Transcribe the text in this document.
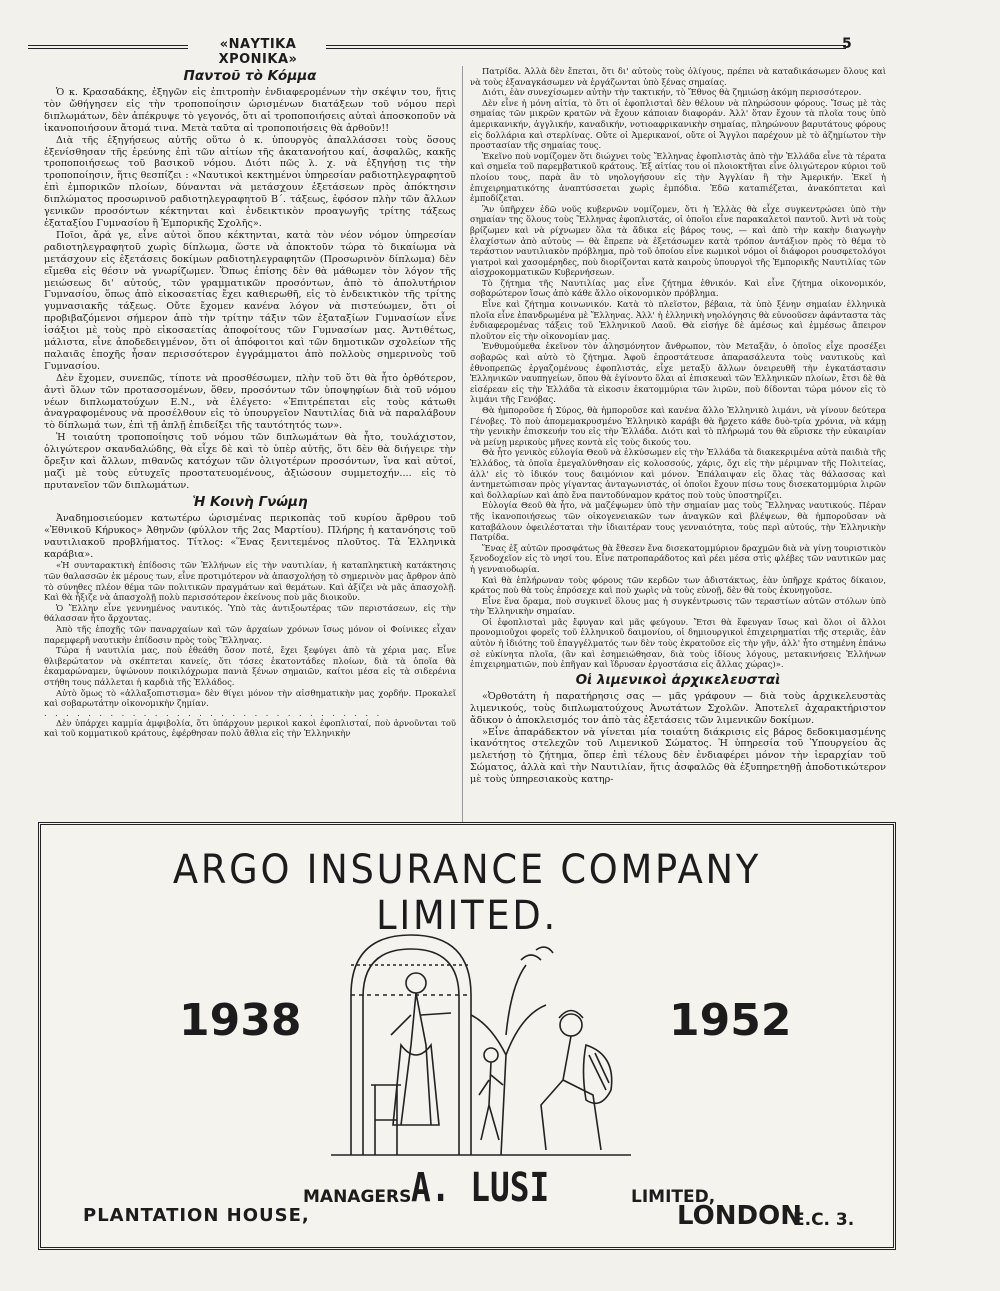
«ΝΑΥΤΙΚΑ ΧΡΟΝΙΚΑ»
5
Παντοῦ τὸ Κόμμα

Ὁ κ. Κρασαδάκης, ἐξηγῶν εἰς ἐπιτροπὴν ἐνδιαφερομένων τὴν σκέψιν του, ἥτις τὸν ὤθήγησεν εἰς τὴν τροποποίησιν ὡρισμένων διατάξεων τοῦ νόμου περὶ διπλωμάτων, δὲν ἀπέκρυψε τὸ γεγονός, ὅτι αἱ τροποποιήσεις αὐταὶ ἀποσκοποῦν νὰ ἱκανοποιήσουν ἄτομά τινα. Μετὰ ταῦτα αἱ τροποποιήσεις θὰ ἀρθοῦν!!

Διὰ τῆς ἐξηγήσεως αὐτῆς οὕτω ὁ κ. ὑπουργὸς ἀπαλλάσσει τοὺς ὅσους ἐξενίσθησαν τῆς ἐρεύνης ἐπὶ τῶν αἰτίων τῆς ἀκατανοήτου καί, ἀσφαλῶς, κακῆς τροποποιήσεως τοῦ βασικοῦ νόμου. Διότι πῶς λ. χ. νὰ ἐξηγήσῃ τις τὴν τροποποίησιν, ἥτις θεσπίζει : «Ναυτικοὶ κεκτημένοι ὑπηρεσίαν ραδιοτηλεγραφητοῦ ἐπὶ ἐμπορικῶν πλοίων, δύνανται νὰ μετάσχουν ἐξετάσεων πρὸς ἀπόκτησιν διπλώματος προσωρινοῦ ραδιοτηλεγραφητοῦ Β΄. τάξεως, ἐφόσον πλὴν τῶν ἄλλων γενικῶν προσόντων κέκτηνται καὶ ἐνδεικτικὸν προαγωγῆς τρίτης τάξεως ἑξαταξίου Γυμνασίου ἢ Ἐμπορικῆς Σχολῆς».

Ποῖοι, ἄρά γε, εἶνε αὐτοὶ ὅπου κέκτηνται, κατὰ τὸν νέον νόμον ὑπηρεσίαν ραδιοτηλεγραφητοῦ χωρὶς δίπλωμα, ὥστε νὰ ἀποκτοῦν τώρα τὸ δικαίωμα νὰ μετάσχουν εἰς ἐξετάσεις δοκίμων ραδιοτηλεγραφητῶν (Προσωρινὸν δίπλωμα) δὲν εἴμεθα εἰς θέσιν νὰ γνωρίζωμεν. Ὅπως ἐπίσης δὲν θὰ μάθωμεν τὸν λόγον τῆς μειώσεως δι' αὐτούς, τῶν γραμματικῶν προσόντων, ἀπὸ τὸ ἀπολυτήριον Γυμνασίου, ὅπως ἀπὸ εἰκοσαετίας ἔχει καθιερωθῆ, εἰς τὸ ἐνδεικτικὸν τῆς τρίτης γυμνασιακῆς τάξεως. Οὔτε ἔχομεν κανένα λόγον νὰ πιστεύωμεν, ὅτι οἱ προβιβαζόμενοι σήμερον ἀπὸ τὴν τρίτην τάξιν τῶν ἑξαταξίων Γυμνασίων εἶνε ἱσάξιοι μὲ τοὺς πρὸ εἰκοσαετίας ἀποφοίτους τῶν Γυμνασίων μας. Ἀντιθέτως, μάλιστα, εἶνε ἀποδεδειγμένον, ὅτι οἱ ἀπόφοιτοι καὶ τῶν δημοτικῶν σχολείων τῆς παλαιᾶς ἐποχῆς ἦσαν περισσότερον ἐγγράμματοι ἀπὸ πολλοὺς σημερινοὺς τοῦ Γυμνασίου.

Δὲν ἔχομεν, συνεπῶς, τίποτε νὰ προσθέσωμεν, πλὴν τοῦ ὅτι θὰ ἦτο ὀρθότερον, ἀντὶ ὅλων τῶν προτασσομένων, ὅθεν, προσόντων τῶν ὑποψηφίων διὰ τοῦ νόμου νέων διπλωματούχων Ε.Ν., νὰ ἐλέγετο: «Ἐπιτρέπεται εἰς τοὺς κάτωθι ἀναγραφομένους νὰ προσέλθουν εἰς τὸ ὑπουργεῖον Ναυτιλίας διὰ νὰ παραλάβουν τὸ δίπλωμά των, ἐπὶ τῇ ἁπλῇ ἐπιδείξει τῆς ταυτότητός των».

Ἡ τοιαύτη τροποποίησις τοῦ νόμου τῶν διπλωμάτων θὰ ἦτο, τουλάχιστον, ὀλιγώτερον σκανδαλώδης, θὰ εἶχε δὲ καὶ τὸ ὑπὲρ αὐτῆς, ὅτι δὲν θὰ διήγειρε τὴν ὄρεξιν καὶ ἄλλων, πιθανῶς κατόχων τῶν ὀλιγοτέρων προσόντων, ἵνα καὶ αὐτοί, μαζὶ μὲ τοὺς εὐτυχεῖς προστατευομένους, ἀξιώσουν συμμετοχήν.... εἰς τὸ πρυτανεῖον τῶν διπλωμάτων.

Ἡ Κοινὴ Γνώμη

Ἀναδημοσιεύομεν κατωτέρω ὡρισμένας περικοπὰς τοῦ κυρίου ἄρθρου τοῦ «Ἐθνικοῦ Κήρυκος» Ἀθηνῶν (φύλλον τῆς 2ας Μαρτίου). Πλήρης ἡ κατανόησις τοῦ ναυτιλιακοῦ προβλήματος. Τίτλος: «Ἕνας ξενιτεμένος πλοῦτος. Τὰ Ἑλληνικὰ καράβια».

«Ἡ συνταρακτικὴ ἐπίδοσις τῶν Ἑλλήνων εἰς τὴν ναυτιλίαν, ἡ καταπληκτικὴ κατάκτησις τῶν θαλασσῶν ἐκ μέρους των, εἶνε προτιμότερον νὰ ἀπασχολήσῃ τὸ σημερινὸν μας ἄρθρον ἀπὸ τὸ σύνηθες πλέον θέμα τῶν πολιτικῶν πραγμάτων καὶ θεμάτων. Καὶ ἀξίζει νὰ μᾶς ἀπασχολῇ. Καὶ θὰ ἦξιζε νὰ ἀπασχολῇ πολὺ περισσότερον ἐκείνους ποὺ μᾶς διοικοῦν.

Ὁ Ἕλλην εἶνε γεννημένος ναυτικός. Ὑπὸ τὰς ἀντιξοωτέρας τῶν περιστάσεων, εἰς τὴν θάλασσαν ἦτο ἄρχοντας.

Ἀπὸ τῆς ἐποχῆς τῶν παναρχαίων καὶ τῶν ἀρχαίων χρόνων ἴσως μόνον οἱ Φοίνικες εἶχαν παρεμφερῆ ναυτικὴν ἐπίδοσιν πρὸς τοὺς Ἕλληνας.

Τώρα ἡ ναυτιλία μας, ποὺ ἐθεάθη ὅσον ποτέ, ἔχει ξεφύγει ἀπὸ τὰ χέρια μας. Εἶνε θλιβερώτατον νὰ σκέπτεται κανείς, ὅτι τόσες ἑκατοντάδες πλοίων, διὰ τὰ ὁποῖα θὰ ἐκαμαρώναμεν, ὑψώνουν ποικιλόχρωμα πανιὰ ξένων σημαιῶν, καίτοι μέσα εἰς τὰ σιδερένια στήθη τους πάλλεται ἡ καρδιὰ τῆς Ἑλλάδος.

Αὐτὸ ὅμως τὸ «ἀλλαξοπιστισμα» δὲν θίγει μόνον τὴν αἰσθηματικὴν μας χορδήν. Προκαλεῖ καὶ σοβαρωτάτην οἰκονομικὴν ζημίαν.

. . . . . . . . . . . . . . . . . . . . . . . . . . . . . . .

Δὲν ὑπάρχει καμμία ἀμφιβολία, ὅτι ὑπάρχουν μερικοὶ κακοὶ ἐφοπλισταί, ποὺ ἀρνοῦνται τοῦ καὶ τοῦ κομματικοῦ κράτους, ἐφέρθησαν πολὺ ἄθλια εἰς τὴν Ἑλληνικὴν

Πατρίδα. Ἀλλὰ δὲν ἔπεται, ὅτι δι' αὐτοὺς τοὺς ὀλίγους, πρέπει νὰ καταδικάσωμεν ὅλους καὶ νὰ τοὺς ἐξαναγκάσωμεν νὰ ἐργάζωνται ὑπὸ ξένας σημαίας.

Διότι, ἐὰν συνεχίσωμεν αὐτὴν τὴν τακτικήν, τὸ Ἔθνος θὰ ζημιώσῃ ἀκόμη περισσότερον.

Δὲν εἶνε ἡ μόνη αἰτία, τὸ ὅτι οἱ ἐφοπλισταὶ δὲν θέλουν νὰ πληρώσουν φόρους. Ἴσως μὲ τὰς σημαίας τῶν μικρῶν κρατῶν νὰ ἔχουν κάποιαν διαφοράν. Ἀλλ' ὅταν ἔχουν τὰ πλοῖα τους ὑπὸ ἀμερικανικήν, ἀγγλικήν, καναδικήν, νοτιοαφρικανικὴν σημαίας, πληρώνουν βαρυτάτους φόρους εἰς δολλάρια καὶ στερλίνας. Οὔτε οἱ Ἀμερικανοί, οὔτε οἱ Ἄγγλοι παρέχουν μὲ τὸ ἀζημίωτον τὴν προστασίαν τῆς σημαίας τους.

Ἐκεῖνο ποὺ νομίζομεν ὅτι διώχνει τοὺς Ἕλληνας ἐφοπλιστὰς ἀπὸ τὴν Ἑλλάδα εἶνε τὰ τέρατα καὶ σημεῖα τοῦ παρεμβατικοῦ κράτους. Ἐξ αἰτίας του οἱ πλοιοκτῆται εἶνε ὀλιγώτερον κύριοι τοῦ πλοίου τους, παρὰ ἂν τὸ νηολογήσουν εἰς τὴν Ἀγγλίαν ἢ τὴν Ἀμερικήν. Ἐκεῖ ἡ ἐπιχειρηματικότης ἀναπτύσσεται χωρὶς ἐμπόδια. Ἐδῶ καταπιέζεται, ἀνακόπτεται καὶ ἐμποδίζεται.

Ἂν ὑπῆρχεν ἐδῶ νοῦς κυβερνῶν νομίζομεν, ὅτι ἡ Ἑλλὰς θὰ εἶχε συγκεντρώσει ὑπὸ τὴν σημαίαν της ὅλους τοὺς Ἕλληνας ἐφοπλιστάς, οἱ ὁποῖοι εἶνε παρακαλετοὶ παντοῦ. Ἀντὶ νὰ τοὺς βρίζωμεν καὶ νὰ ρίχνωμεν ὅλα τὰ ἄδικα εἰς βάρος τους, — καὶ ἀπὸ τὴν κακὴν διαγωγὴν ἐλαχίστων ἀπὸ αὐτοὺς — θὰ ἔπρεπε νὰ ἐξετάσωμεν κατὰ τρόπον ἀντάξιον πρὸς τὸ θέμα τὸ τεράστιον ναυτιλιακὸν πρόβλημα, πρὸ τοῦ ὁποίου εἶνε κωμικοὶ νόμοι οἱ διάφοροι ρουσφετολόγοι γιατροὶ καὶ χασομέρηδες, ποὺ διορίζονται κατὰ καιροὺς ὑπουργοὶ τῆς Ἐμπορικῆς Ναυτιλίας τῶν αἰσχροκομματικῶν Κυβερνήσεων.

Τὸ ζήτημα τῆς Ναυτιλίας μας εἶνε ζήτημα ἐθνικόν. Καὶ εἶνε ζήτημα οἰκονομικόν, σοβαρώτερον ἴσως ἀπὸ κάθε ἄλλο οἰκονομικὸν πρόβλημα.

Εἶνε καὶ ζήτημα κοινωνικόν. Κατὰ τὸ πλεῖστον, βέβαια, τὰ ὑπὸ ξένην σημαίαν ἑλληνικὰ πλοῖα εἶνε ἐπανδρωμένα μὲ Ἕλληνας. Ἀλλ' ἡ ἑλληνικὴ νηολόγησις θὰ εὐνοοῦσεν ἀφάνταστα τὰς ἐνδιαφερομένας τάξεις τοῦ Ἑλληνικοῦ Λαοῦ. Θὰ εἰσήγε δὲ ἀμέσως καὶ ἐμμέσως ἄπειρον πλοῦτον εἰς τὴν οἰκονομίαν μας.

Ἐνθυμούμεθα ἐκεῖνον τὸν ἀλησμόνητον ἄνθρωπον, τὸν Μεταξᾶν, ὁ ὁποῖος εἶχε προσέξει σοβαρῶς καὶ αὐτὸ τὸ ζήτημα. Ἀφοῦ ἐπροστάτευσε ἀπαρασάλευτα τοὺς ναυτικοὺς καὶ ἐθνοπρεπῶς ἐργαζομένους ἐφοπλιστάς, εἶχε μεταξὺ ἄλλων ὀνειρευθῆ τὴν ἐγκατάστασιν Ἑλληνικῶν ναυπηγείων, ὅπου θὰ ἐγίνοντο ὅλαι αἱ ἐπισκευαὶ τῶν Ἑλληνικῶν πλοίων, ἔτσι δὲ θὰ εἰσέρεαν εἰς τὴν Ἑλλάδα τὰ εἰκοσιν ἑκατομμύρια τῶν λιρῶν, ποὺ δίδονται τώρα μόνον εἰς τὸ λιμάνι τῆς Γενόβας.

Θὰ ἠμποροῦσε ἡ Σύρος, θὰ ἠμποροῦσε καὶ κανένα ἄλλο Ἑλληνικὸ λιμάνι, νὰ γίνουν δεύτερα Γένοβες. Τὸ ποὺ ἀπομεμακρυσμένο Ἑλληνικὸ καράβι θὰ ἤρχετο κάθε δυὸ-τρία χρόνια, νὰ κάμῃ τὴν γενικὴν ἐπισκευήν του εἰς τὴν Ἑλλάδα. Διότι καὶ τὸ πλήρωμά του θὰ εὕρισκε τὴν εὐκαιρίαν νὰ μείνῃ μερικοὺς μῆνες κοντὰ εἰς τοὺς δικούς του.

Θὰ ἦτο γενικὸς εὐλογία Θεοῦ νὰ ἑλκύσωμεν εἰς τὴν Ἑλλάδα τὰ διακεκριμένα αὐτὰ παιδιὰ τῆς Ἑλλάδος, τὰ ὁποῖα ἐμεγαλύνθησαν εἰς κολοσσούς, χάρις, ὄχι εἰς τὴν μέριμναν τῆς Πολιτείας, ἀλλ' εἰς τὸ ἰδικόν τους δαιμόνιον καὶ μόνον. Ἐπάλαιψαν εἰς ὅλας τὰς θάλασσας καὶ ἀντημετώπισαν πρὸς γίγαντας ἀνταγωνιστάς, οἱ ὁποῖοι ἔχουν πίσω τους δισεκατομμύρια λιρῶν καὶ δολλαρίων καὶ ἀπὸ ἕνα παντοδύναμον κράτος ποὺ τοὺς ὑποστηρίζει.

Εὐλογία Θεοῦ θὰ ἦτο, νὰ μαζέψωμεν ὑπὸ τὴν σημαίαν μας τοὺς Ἕλληνας ναυτικούς. Πέραν τῆς ἱκανοποιήσεως τῶν οἰκογενειακῶν των ἀναγκῶν καὶ βλέψεων, θὰ ἠμποροῦσαν νὰ καταβάλουν ὀφειλέσταται τὴν ἰδιαιτέραν τους γενναιότητα, τοὺς περὶ αὐτούς, τὴν Ἑλληνικὴν Πατρίδα.

Ἕνας ἐξ αὐτῶν προσφάτως θὰ ἔθεσεν ἕνα δισεκατομμύριον δραχμῶν διὰ νὰ γίνῃ τουριστικὸν ξενοδοχεῖον εἰς τὸ νησί του. Εἶνε πατροπαράδοτος καὶ ρέει μέσα στὶς φλέβες τῶν ναυτικῶν μας ἡ γενναιοδωρία.

Καὶ θὰ ἐπλήρωναν τοὺς φόρους τῶν κερδῶν των ἀδιστάκτως, ἐὰν ὑπῆρχε κράτος δίκαιον, κράτος ποὺ θὰ τοὺς ἐπρόσεχε καὶ ποὺ χωρὶς νὰ τοὺς εὐνοῇ, δὲν θὰ τοὺς ἐκυνηγοῦσε.

Εἶνε ἕνα ὄραμα, ποὺ συγκινεῖ ὅλους μας ἡ συγκέντρωσις τῶν τεραστίων αὐτῶν στόλων ὑπὸ τὴν Ἑλληνικὴν σημαίαν.

Οἱ ἐφοπλισταὶ μᾶς ἔφυγαν καὶ μᾶς φεύγουν. Ἔτσι θὰ ἔφευγαν ἴσως καὶ ὅλοι οἱ ἄλλοι προνομιοῦχοι φορεῖς τοῦ ἑλληνικοῦ δαιμονίου, οἱ δημιουργικοὶ ἐπιχειρηματίαι τῆς στεριᾶς, ἐὰν αὐτὸν ἡ ἰδιότης τοῦ ἐπαγγέλματός των δὲν τοὺς ἐκρατοῦσε εἰς τὴν γῆν, ἀλλ' ἦτο στημένη ἐπάνω σὲ εὐκίνητα πλοῖα, (ἂν καὶ ἐσημειώθησαν, διὰ τοὺς ἰδίους λόγους, μετακινήσεις Ἑλλήνων ἐπιχειρηματιῶν, ποὺ ἐπῆγαν καὶ ἵδρυσαν ἐργοστάσια εἰς ἄλλας χώρας)».

Οἱ λιμενικοὶ ἀρχικελευσταὶ

«Ὀρθοτάτη ἡ παρατήρησις σας — μᾶς γράφουν — διὰ τοὺς ἀρχικελευστὰς λιμενικούς, τοὺς διπλωματούχους Ἀνωτάτων Σχολῶν. Ἀποτελεῖ ἀχαρακτήριστον ἄδικον ὁ ἀποκλεισμός τον ἀπὸ τὰς ἐξετάσεις τῶν λιμενικῶν δοκίμων.

»Εἶνε ἀπαράδεκτον νὰ γίνεται μία τοιαύτη διάκρισις εἰς βάρος δεδοκιμασμένης ἱκανότητος στελεχῶν τοῦ Λιμενικοῦ Σώματος. Ἡ ὑπηρεσία τοῦ Ὑπουργείου ἂς μελετήσῃ τὸ ζήτημα, ὅπερ ἐπὶ τέλους δὲν ἐνδιαφέρει μόνον τὴν ἱεραρχίαν τοῦ Σώματος, ἀλλὰ καὶ τὴν Ναυτιλίαν, ἥτις ἀσφαλῶς θὰ ἐξυπηρετηθῇ ἀποδοτικώτερον μὲ τοὺς ὑπηρεσιακοὺς κατηρ-

ARGO INSURANCE COMPANY LIMITED.
1938	1952
MANAGERS A. LUSI	LIMITED,
PLANTATION HOUSE,	LONDON
E.C. 3.
